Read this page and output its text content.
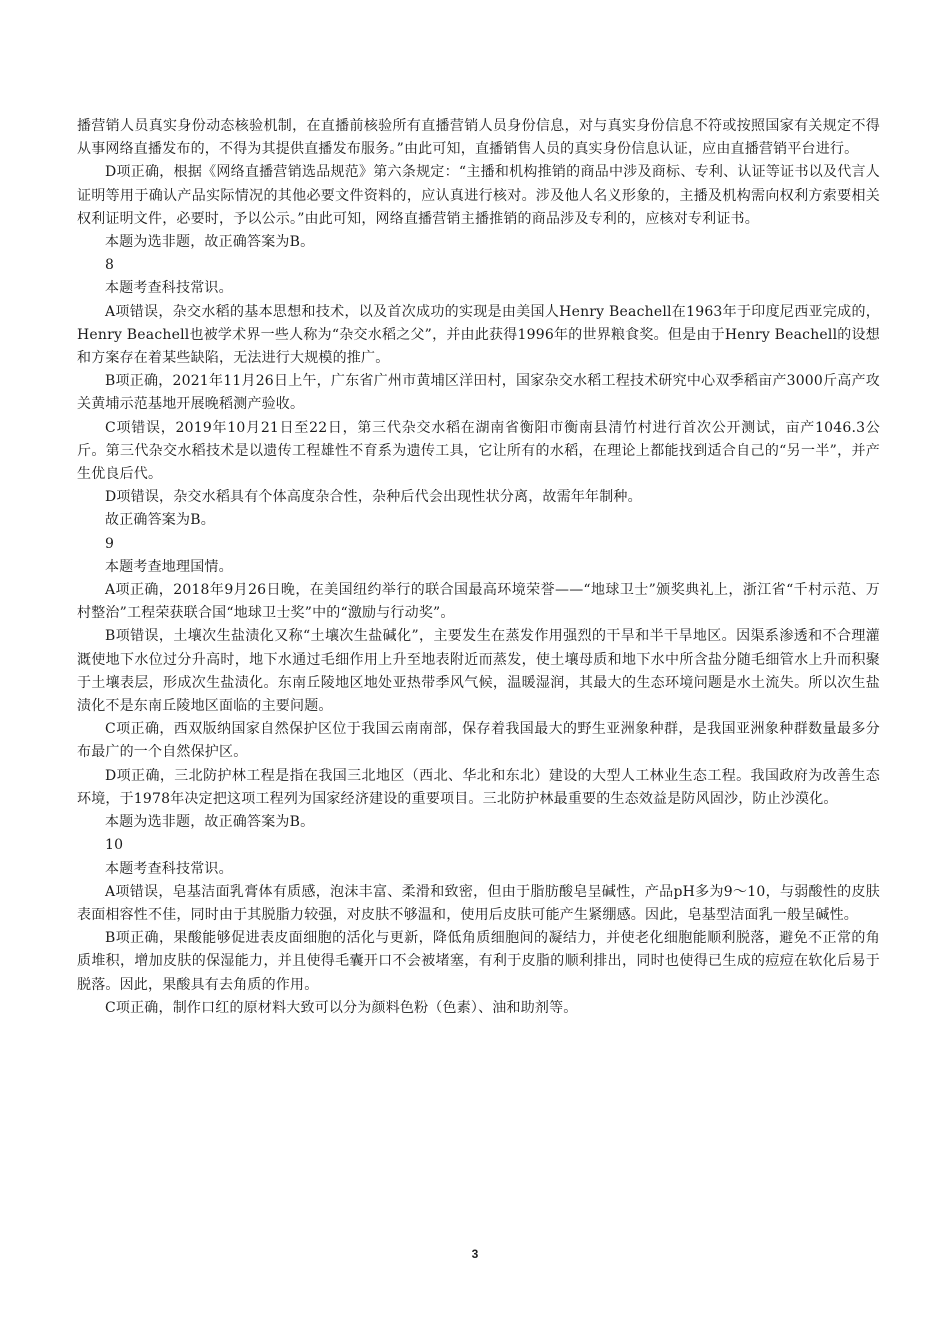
播营销人员真实身份动态核验机制，在直播前核验所有直播营销人员身份信息，对与真实身份信息不符或按照国家有关规定不得从事网络直播发布的，不得为其提供直播发布服务。”由此可知，直播销售人员的真实身份信息认证，应由直播营销平台进行。

D项正确，根据《网络直播营销选品规范》第六条规定：“主播和机构推销的商品中涉及商标、专利、认证等证书以及代言人证明等用于确认产品实际情况的其他必要文件资料的，应认真进行核对。涉及他人名义形象的，主播及机构需向权利方索要相关权利证明文件，必要时，予以公示。”由此可知，网络直播营销主播推销的商品涉及专利的，应核对专利证书。

本题为选非题，故正确答案为B。

8

本题考查科技常识。

A项错误，杂交水稻的基本思想和技术，以及首次成功的实现是由美国人Henry Beachell在1963年于印度尼西亚完成的，Henry Beachell也被学术界一些人称为“杂交水稻之父”，并由此获得1996年的世界粮食奖。但是由于Henry Beachell的设想和方案存在着某些缺陷，无法进行大规模的推广。

B项正确，2021年11月26日上午，广东省广州市黄埔区洋田村，国家杂交水稻工程技术研究中心双季稻亩产3000斤高产攻关黄埔示范基地开展晚稻测产验收。

C项错误，2019年10月21日至22日，第三代杂交水稻在湖南省衡阳市衡南县清竹村进行首次公开测试，亩产1046.3公斤。第三代杂交水稻技术是以遗传工程雄性不育系为遗传工具，它让所有的水稻，在理论上都能找到适合自己的“另一半”，并产生优良后代。

D项错误，杂交水稻具有个体高度杂合性，杂种后代会出现性状分离，故需年年制种。

故正确答案为B。

9

本题考查地理国情。

A项正确，2018年9月26日晚，在美国纽约举行的联合国最高环境荣誉——“地球卫士”颁奖典礼上，浙江省“千村示范、万村整治”工程荣获联合国“地球卫士奖”中的“激励与行动奖”。

B项错误，土壤次生盐渍化又称“土壤次生盐碱化”，主要发生在蒸发作用强烈的干旱和半干旱地区。因渠系渗透和不合理灌溉使地下水位过分升高时，地下水通过毛细作用上升至地表附近而蒸发，使土壤母质和地下水中所含盐分随毛细管水上升而积聚于土壤表层，形成次生盐渍化。东南丘陵地区地处亚热带季风气候，温暖湿润，其最大的生态环境问题是水土流失。所以次生盐渍化不是东南丘陵地区面临的主要问题。

C项正确，西双版纳国家自然保护区位于我国云南南部，保存着我国最大的野生亚洲象种群，是我国亚洲象种群数量最多分布最广的一个自然保护区。

D项正确，三北防护林工程是指在我国三北地区（西北、华北和东北）建设的大型人工林业生态工程。我国政府为改善生态环境，于1978年决定把这项工程列为国家经济建设的重要项目。三北防护林最重要的生态效益是防风固沙，防止沙漠化。

本题为选非题，故正确答案为B。

10

本题考查科技常识。

A项错误，皂基洁面乳膏体有质感，泡沫丰富、柔滑和致密，但由于脂肪酸皂呈碱性，产品pH多为9～10，与弱酸性的皮肤表面相容性不佳，同时由于其脱脂力较强，对皮肤不够温和，使用后皮肤可能产生紧绷感。因此，皂基型洁面乳一般呈碱性。

B项正确，果酸能够促进表皮面细胞的活化与更新，降低角质细胞间的凝结力，并使老化细胞能顺利脱落，避免不正常的角质堆积，增加皮肤的保湿能力，并且使得毛囊开口不会被堵塞，有利于皮脂的顺利排出，同时也使得已生成的痘痘在软化后易于脱落。因此，果酸具有去角质的作用。

C项正确，制作口红的原材料大致可以分为颜料色粉（色素）、油和助剂等。

3
